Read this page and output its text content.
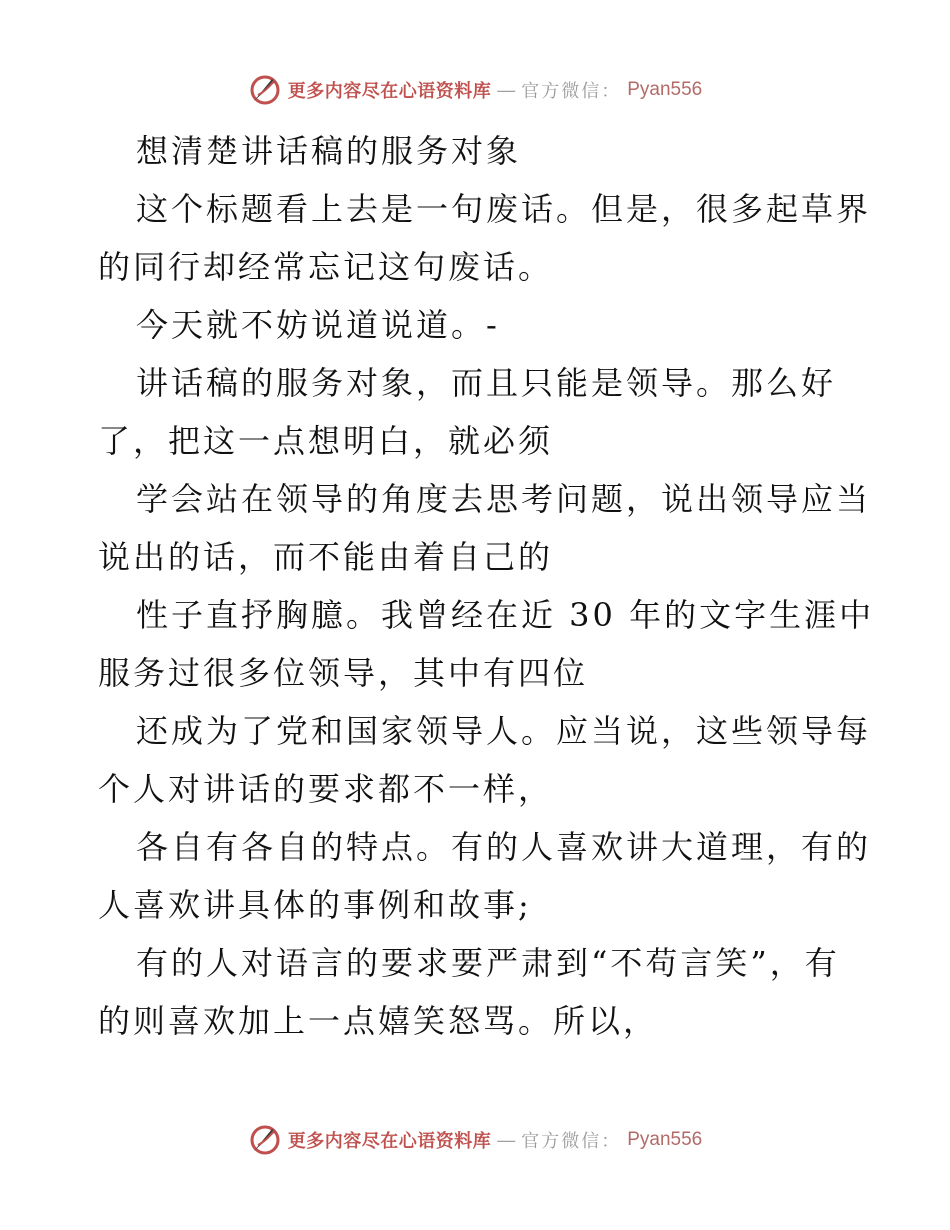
更多内容尽在心语资料库 — 官方微信： Pyan556
想清楚讲话稿的服务对象
这个标题看上去是一句废话。但是，很多起草界
的同行却经常忘记这句废话。
今天就不妨说道说道。-
讲话稿的服务对象，而且只能是领导。那么好
了，把这一点想明白，就必须
学会站在领导的角度去思考问题，说出领导应当
说出的话，而不能由着自己的
性子直抒胸臆。我曾经在近 30 年的文字生涯中
服务过很多位领导，其中有四位
还成为了党和国家领导人。应当说，这些领导每
个人对讲话的要求都不一样，
各自有各自的特点。有的人喜欢讲大道理，有的
人喜欢讲具体的事例和故事;
有的人对语言的要求要严肃到“不苟言笑”，有
的则喜欢加上一点嬉笑怒骂。所以，
更多内容尽在心语资料库 — 官方微信： Pyan556
